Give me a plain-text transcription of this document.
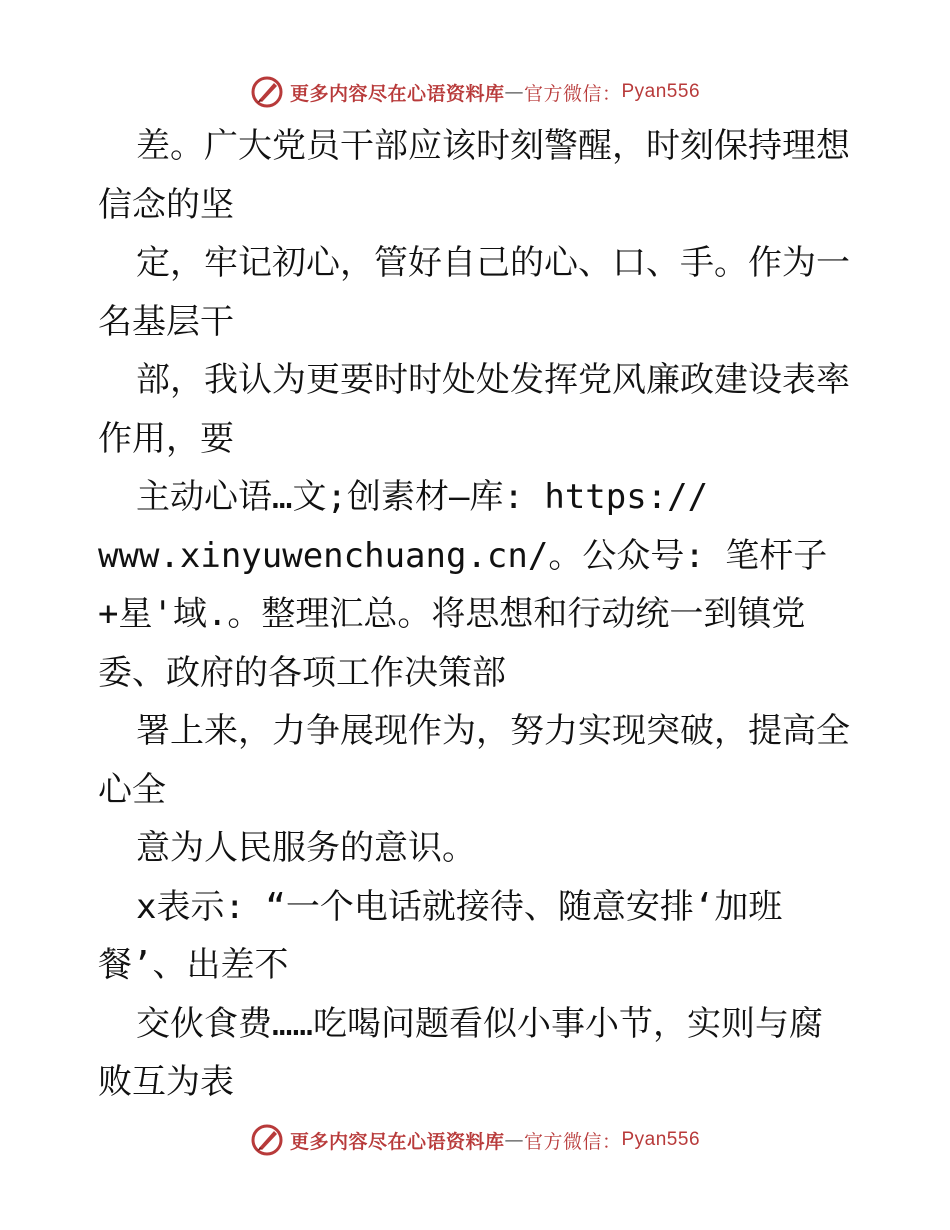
更多内容尽在心语资料库 — 官方微信： Pyan556
差。广大党员干部应该时刻警醒，时刻保持理想
信念的坚
定，牢记初心，管好自己的心、口、手。作为一
名基层干
部，我认为更要时时处处发挥党风廉政建设表率
作用，要
主动心语…文;创素材—库: https://
www.xinyuwenchuang.cn/。公众号: 笔杆子
+星'域.。整理汇总。将思想和行动统一到镇党
委、政府的各项工作决策部
署上来，力争展现作为，努力实现突破，提高全
心全
意为人民服务的意识。
x表示: “一个电话就接待、随意安排‘加班
餐’、出差不
交伙食费……吃喝问题看似小事小节，实则与腐
败互为表
更多内容尽在心语资料库 — 官方微信： Pyan556
